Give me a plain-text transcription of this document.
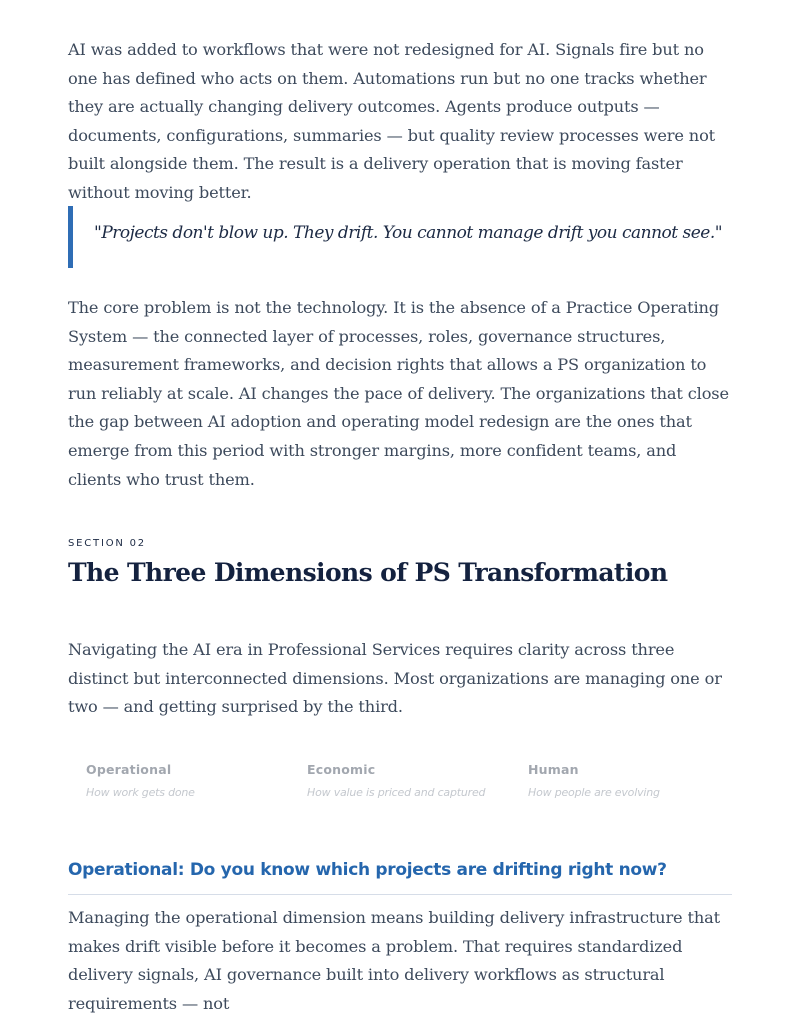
AI was added to workflows that were not redesigned for AI. Signals fire but no one has defined who acts on them. Automations run but no one tracks whether they are actually changing delivery outcomes. Agents produce outputs — documents, configurations, summaries — but quality review processes were not built alongside them. The result is a delivery operation that is moving faster without moving better.

"Projects don't blow up. They drift. You cannot manage drift you cannot see."

The core problem is not the technology. It is the absence of a Practice Operating System — the connected layer of processes, roles, governance structures, measurement frameworks, and decision rights that allows a PS organization to run reliably at scale. AI changes the pace of delivery. The organizations that close the gap between AI adoption and operating model redesign are the ones that emerge from this period with stronger margins, more confident teams, and clients who trust them.

SECTION 02
The Three Dimensions of PS Transformation

Navigating the AI era in Professional Services requires clarity across three distinct but interconnected dimensions. Most organizations are managing one or two — and getting surprised by the third.

Operational
How work gets done
Economic
How value is priced and captured
Human
How people are evolving
Operational: Do you know which projects are drifting right now?

Managing the operational dimension means building delivery infrastructure that makes drift visible before it becomes a problem. That requires standardized delivery signals, AI governance built into delivery workflows as structural requirements — not
